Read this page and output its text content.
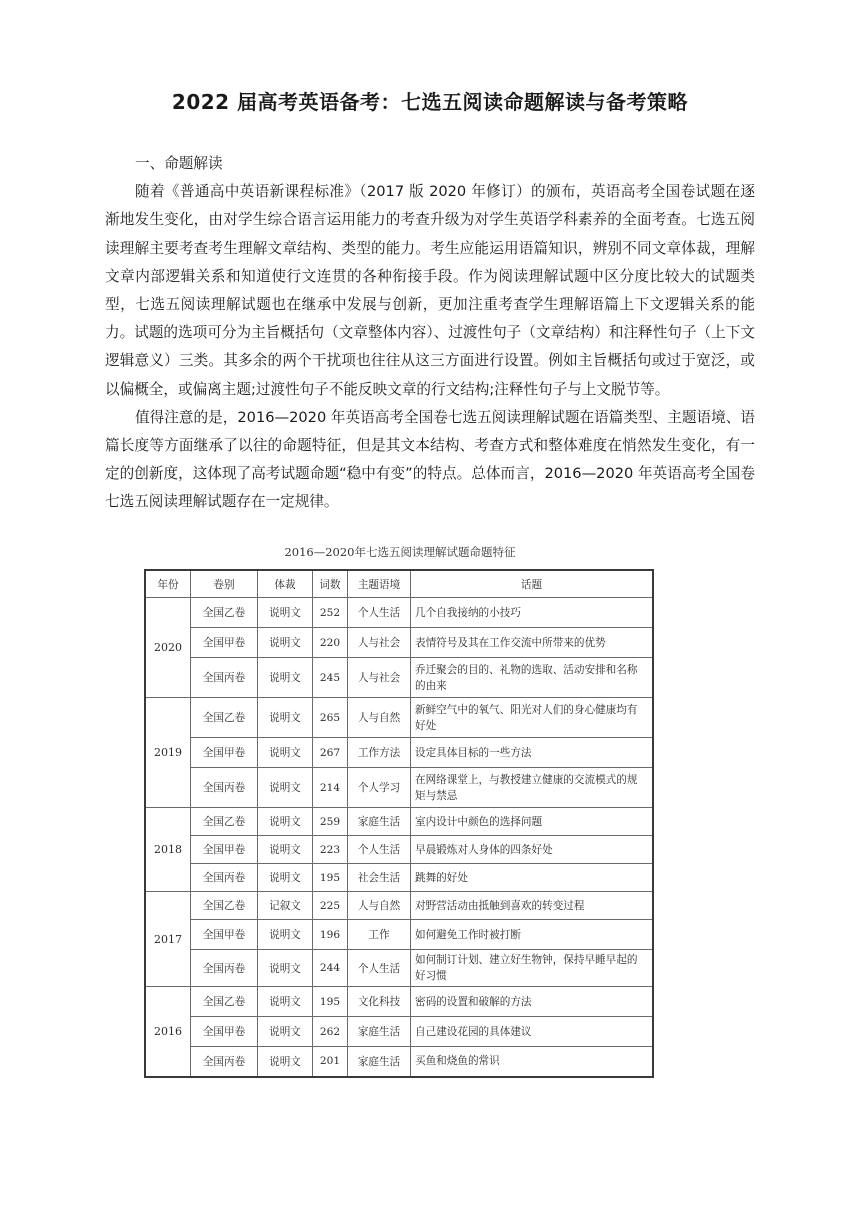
2022 届高考英语备考：七选五阅读命题解读与备考策略

一、命题解读

随着《普通高中英语新课程标准》（2017 版 2020 年修订）的颁布，英语高考全国卷试题在逐渐地发生变化，由对学生综合语言运用能力的考查升级为对学生英语学科素养的全面考查。七选五阅读理解主要考查考生理解文章结构、类型的能力。考生应能运用语篇知识，辨别不同文章体裁，理解文章内部逻辑关系和知道使行文连贯的各种衔接手段。作为阅读理解试题中区分度比较大的试题类型，七选五阅读理解试题也在继承中发展与创新，更加注重考查学生理解语篇上下文逻辑关系的能力。试题的选项可分为主旨概括句（文章整体内容）、过渡性句子（文章结构）和注释性句子（上下文逻辑意义）三类。其多余的两个干扰项也往往从这三方面进行设置。例如主旨概括句或过于宽泛，或以偏概全，或偏离主题;过渡性句子不能反映文章的行文结构;注释性句子与上文脱节等。

值得注意的是，2016—2020 年英语高考全国卷七选五阅读理解试题在语篇类型、主题语境、语篇长度等方面继承了以往的命题特征，但是其文本结构、考查方式和整体难度在悄然发生变化，有一定的创新度，这体现了高考试题命题“稳中有变”的特点。总体而言，2016—2020 年英语高考全国卷七选五阅读理解试题存在一定规律。

2016—2020年七选五阅读理解试题命题特征
年份	卷别	体裁	词数	主题语境	话题
2020	全国乙卷	说明文	252	个人生活	几个自我接纳的小技巧
	全国甲卷	说明文	220	人与社会	表情符号及其在工作交流中所带来的优势
	全国丙卷	说明文	245	人与社会	乔迁聚会的目的、礼物的选取、活动安排和名称的由来
2019	全国乙卷	说明文	265	人与自然	新鲜空气中的氧气、阳光对人们的身心健康均有好处
	全国甲卷	说明文	267	工作方法	设定具体目标的一些方法
	全国丙卷	说明文	214	个人学习	在网络课堂上，与教授建立健康的交流模式的规矩与禁忌
2018	全国乙卷	说明文	259	家庭生活	室内设计中颜色的选择问题
	全国甲卷	说明文	223	个人生活	早晨锻炼对人身体的四条好处
	全国丙卷	说明文	195	社会生活	跳舞的好处
2017	全国乙卷	记叙文	225	人与自然	对野营活动由抵触到喜欢的转变过程
	全国甲卷	说明文	196	工作	如何避免工作时被打断
	全国丙卷	说明文	244	个人生活	如何制订计划、建立好生物钟，保持早睡早起的好习惯
2016	全国乙卷	说明文	195	文化科技	密码的设置和破解的方法
	全国甲卷	说明文	262	家庭生活	自己建设花园的具体建议
	全国丙卷	说明文	201	家庭生活	买鱼和烧鱼的常识
